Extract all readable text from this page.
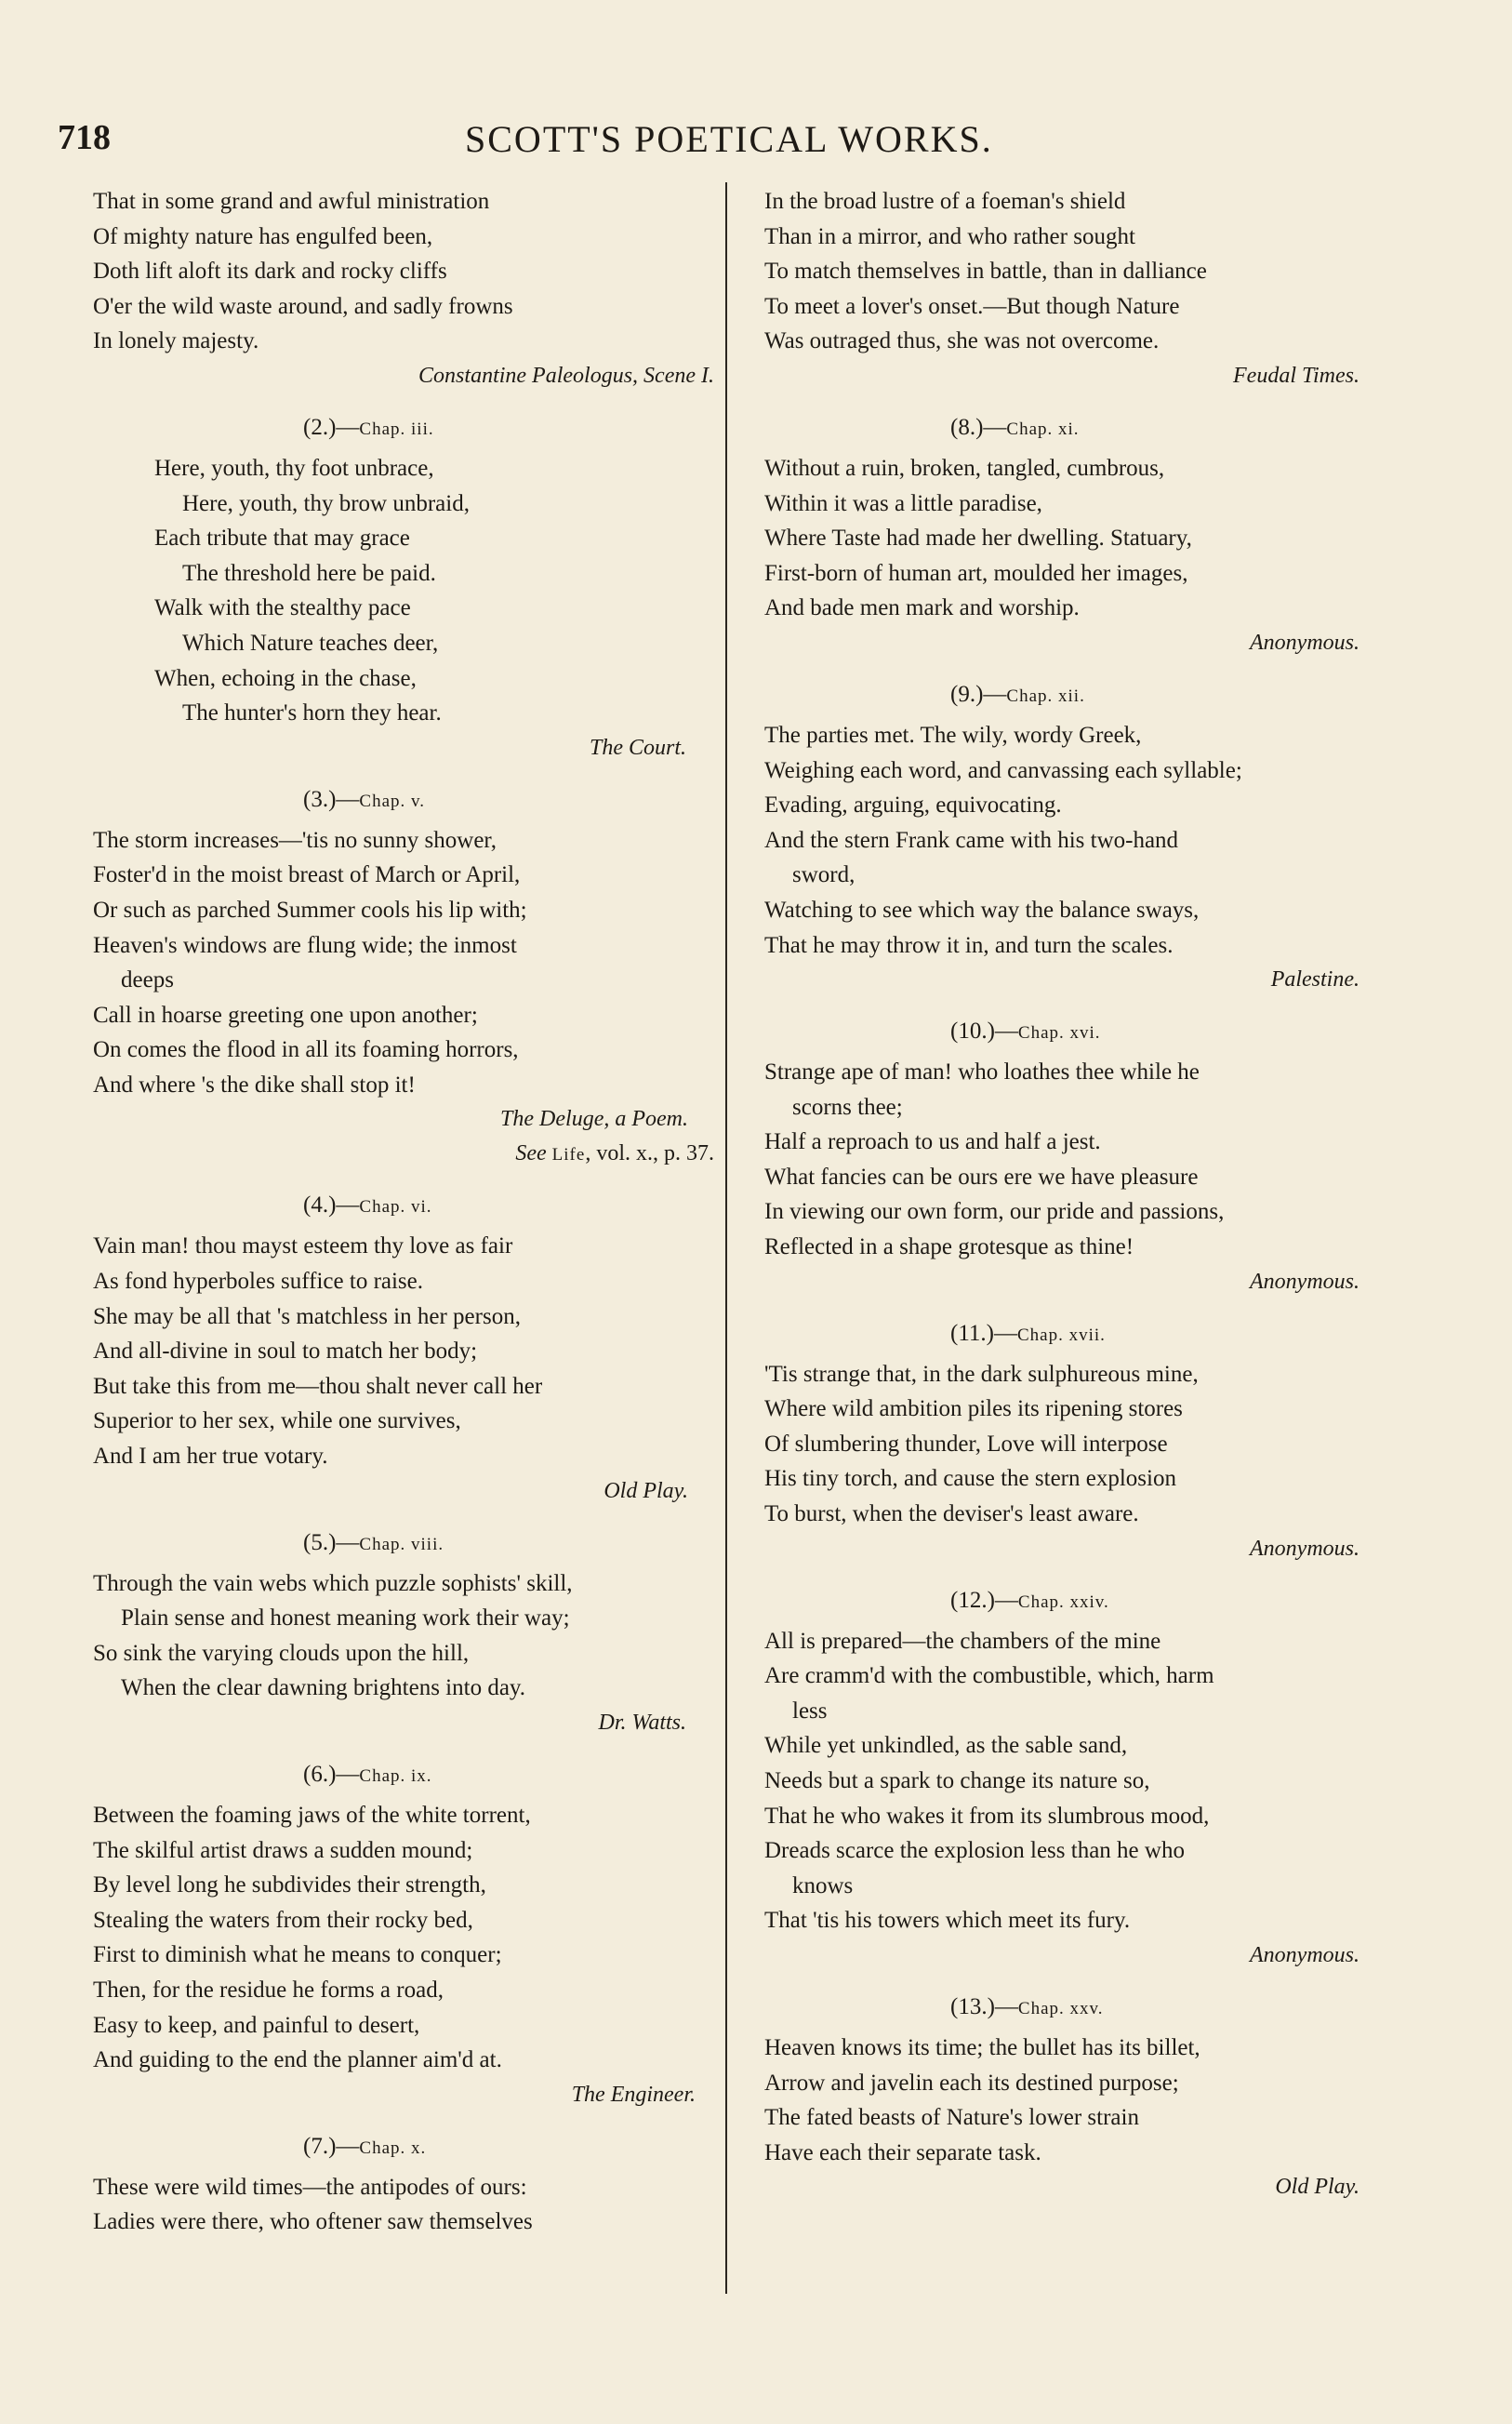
718	SCOTT'S POETICAL WORKS.
That in some grand and awful ministration
Of mighty nature has engulfed been,
Doth lift aloft its dark and rocky cliffs
O'er the wild waste around, and sadly frowns
In lonely majesty.
Constantine Paleologus, Scene I.
(2.)—Chap. iii.
Here, youth, thy foot unbrace,
Here, youth, thy brow unbraid,
Each tribute that may grace
The threshold here be paid.
Walk with the stealthy pace
Which Nature teaches deer,
When, echoing in the chase,
The hunter's horn they hear.
The Court.
(3.)—Chap. v.
The storm increases—'tis no sunny shower,
Foster'd in the moist breast of March or April,
Or such as parched Summer cools his lip with;
Heaven's windows are flung wide; the inmost
deeps
Call in hoarse greeting one upon another;
On comes the flood in all its foaming horrors,
And where 's the dike shall stop it!
The Deluge, a Poem.
See Life, vol. x., p. 37.
(4.)—Chap. vi.
Vain man! thou mayst esteem thy love as fair
As fond hyperboles suffice to raise.
She may be all that 's matchless in her person,
And all-divine in soul to match her body;
But take this from me—thou shalt never call her
Superior to her sex, while one survives,
And I am her true votary.
Old Play.
(5.)—Chap. viii.
Through the vain webs which puzzle sophists' skill,
Plain sense and honest meaning work their way;
So sink the varying clouds upon the hill,
When the clear dawning brightens into day.
Dr. Watts.
(6.)—Chap. ix.
Between the foaming jaws of the white torrent,
The skilful artist draws a sudden mound;
By level long he subdivides their strength,
Stealing the waters from their rocky bed,
First to diminish what he means to conquer;
Then, for the residue he forms a road,
Easy to keep, and painful to desert,
And guiding to the end the planner aim'd at.
The Engineer.
(7.)—Chap. x.
These were wild times—the antipodes of ours:
Ladies were there, who oftener saw themselves
In the broad lustre of a foeman's shield
Than in a mirror, and who rather sought
To match themselves in battle, than in dalliance
To meet a lover's onset.—But though Nature
Was outraged thus, she was not overcome.
Feudal Times.
(8.)—Chap. xi.
Without a ruin, broken, tangled, cumbrous,
Within it was a little paradise,
Where Taste had made her dwelling. Statuary,
First-born of human art, moulded her images,
And bade men mark and worship.
Anonymous.
(9.)—Chap. xii.
The parties met. The wily, wordy Greek,
Weighing each word, and canvassing each syllable;
Evading, arguing, equivocating.
And the stern Frank came with his two-hand
sword,
Watching to see which way the balance sways,
That he may throw it in, and turn the scales.
Palestine.
(10.)—Chap. xvi.
Strange ape of man! who loathes thee while he
scorns thee;
Half a reproach to us and half a jest.
What fancies can be ours ere we have pleasure
In viewing our own form, our pride and passions,
Reflected in a shape grotesque as thine!
Anonymous.
(11.)—Chap. xvii.
'Tis strange that, in the dark sulphureous mine,
Where wild ambition piles its ripening stores
Of slumbering thunder, Love will interpose
His tiny torch, and cause the stern explosion
To burst, when the deviser's least aware.
Anonymous.
(12.)—Chap. xxiv.
All is prepared—the chambers of the mine
Are cramm'd with the combustible, which, harm
less
While yet unkindled, as the sable sand,
Needs but a spark to change its nature so,
That he who wakes it from its slumbrous mood,
Dreads scarce the explosion less than he who
knows
That 'tis his towers which meet its fury.
Anonymous.
(13.)—Chap. xxv.
Heaven knows its time; the bullet has its billet,
Arrow and javelin each its destined purpose;
The fated beasts of Nature's lower strain
Have each their separate task.
Old Play.
